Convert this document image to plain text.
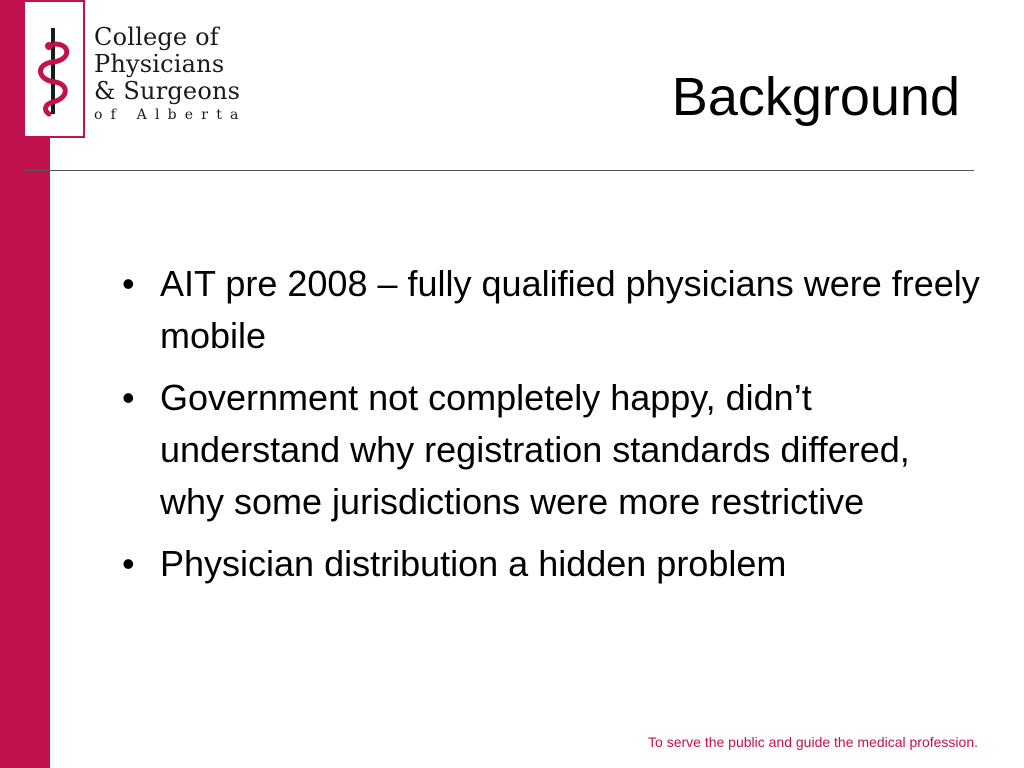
College of
Physicians
& Surgeons
of Alberta	Background
• AIT pre 2008 – fully qualified physicians were freely mobile
• Government not completely happy, didn’t understand why registration standards differed, why some jurisdictions were more restrictive
• Physician distribution a hidden problem
To serve the public and guide the medical profession.
